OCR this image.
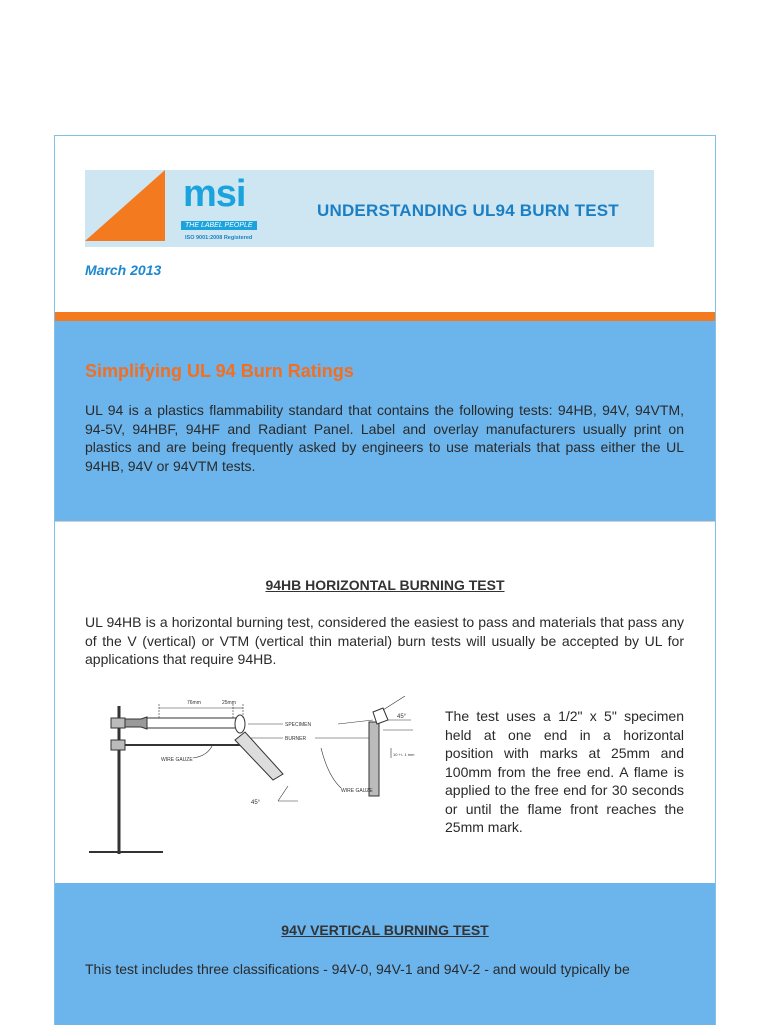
msi
THE LABEL PEOPLE
ISO 9001:2008 Registered
UNDERSTANDING UL94 BURN TEST
March 2013
Simplifying UL 94 Burn Ratings
UL 94 is a plastics flammability standard that contains the following tests: 94HB, 94V, 94VTM, 94-5V, 94HBF, 94HF and Radiant Panel. Label and overlay manufacturers usually print on plastics and are being frequently asked by engineers to use materials that pass either the UL 94HB, 94V or 94VTM tests.
94HB HORIZONTAL BURNING TEST
UL 94HB is a horizontal burning test, considered the easiest to pass and materials that pass any of the V (vertical) or VTM (vertical thin material) burn tests will usually be accepted by UL for applications that require 94HB.
76mm	25mm
SPECIMEN
BURNER
WIRE GAUZE
45°
45°
10 +/- 1 mm
WIRE GAUZE
The test uses a 1/2" x 5" specimen held at one end in a horizontal position with marks at 25mm and 100mm from the free end. A flame is applied to the free end for 30 seconds or until the flame front reaches the 25mm mark.
94V VERTICAL BURNING TEST
This test includes three classifications - 94V-0, 94V-1 and 94V-2 - and would typically be
